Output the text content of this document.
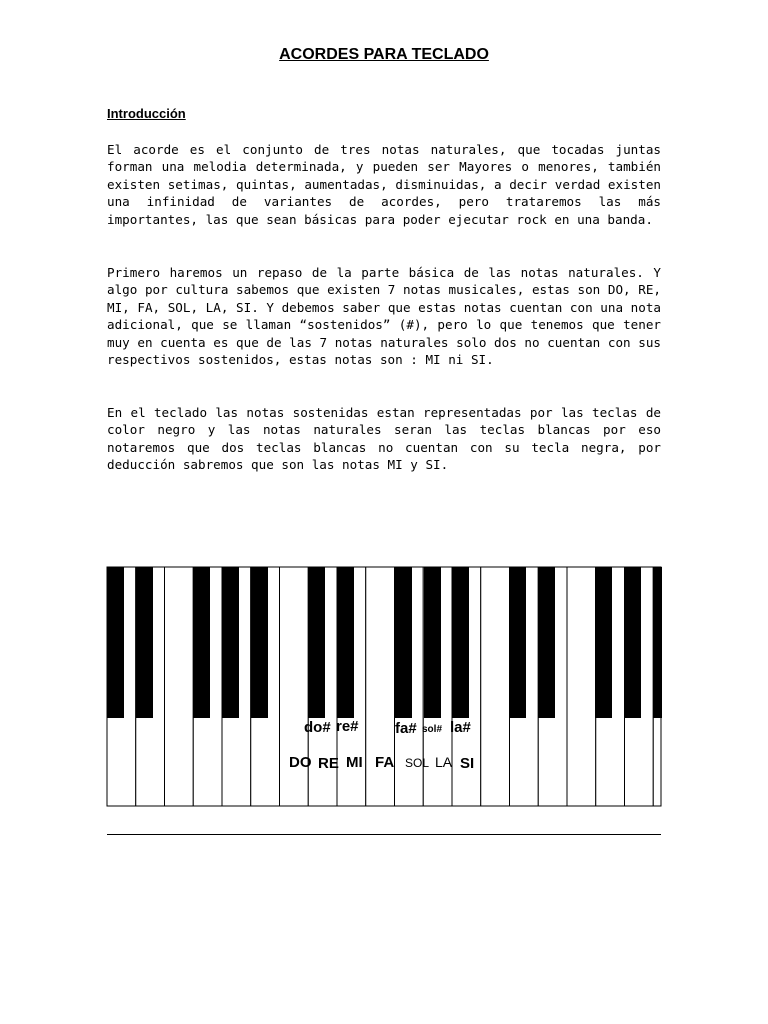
ACORDES PARA TECLADO
Introducción

El acorde es el conjunto de tres notas naturales, que tocadas juntas forman una melodia determinada, y pueden ser Mayores o menores, también existen setimas, quintas, aumentadas, disminuidas, a decir verdad existen una infinidad de variantes de acordes, pero trataremos las más importantes, las que sean básicas para poder ejecutar rock en una banda.

Primero haremos un repaso de la parte básica de las notas naturales. Y algo por cultura sabemos que existen 7 notas musicales, estas son DO, RE, MI, FA, SOL, LA, SI. Y debemos saber que estas notas cuentan con una nota adicional, que se llaman “sostenidos” (#), pero lo que tenemos que tener muy en cuenta es que de las 7 notas naturales solo dos no cuentan con sus respectivos sostenidos, estas notas son : MI ni SI.

En el teclado las notas sostenidas estan representadas por las teclas de color negro y las notas naturales seran las teclas blancas por eso notaremos que dos teclas blancas no cuentan con su tecla negra, por deducción sabremos que son las notas MI y SI.

do# re# fa# sol# la#
DO RE MI FA SOL LA SI
